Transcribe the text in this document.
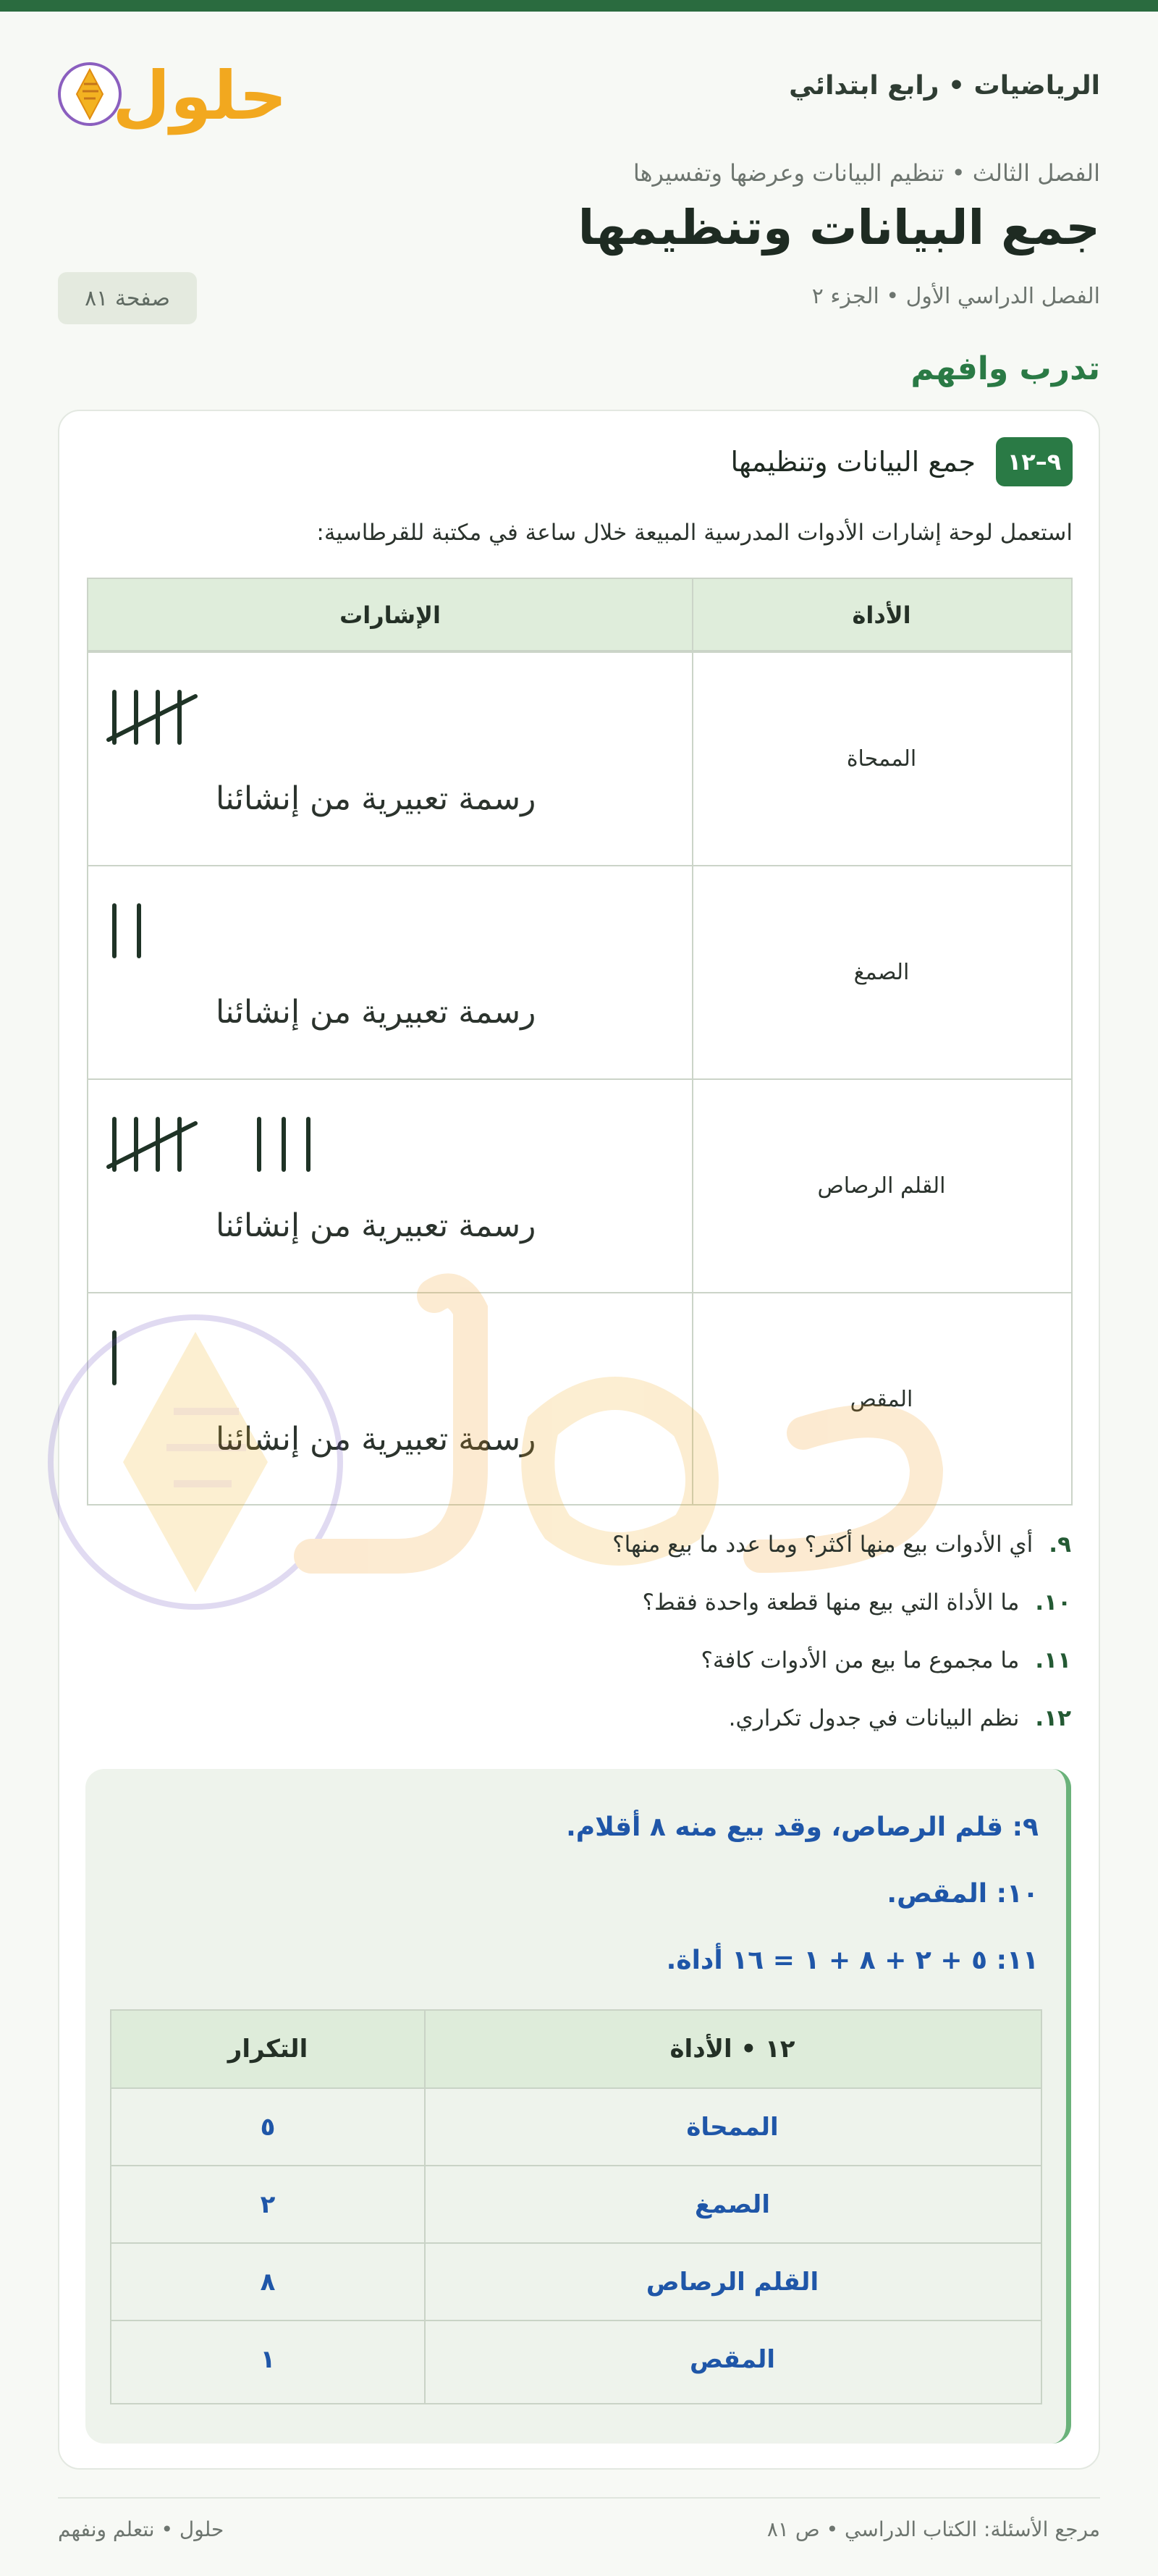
حلول	الرياضيات • رابع ابتدائي
الفصل الثالث • تنظيم البيانات وعرضها وتفسيرها
جمع البيانات وتنظيمها
الفصل الدراسي الأول • الجزء ٢
صفحة ٨١
تدرب وافهم
٩–١٢
جمع البيانات وتنظيمها
استعمل لوحة إشارات الأدوات المدرسية المبيعة خلال ساعة في مكتبة للقرطاسية:
الأداة
الإشارات
الممحاة
رسمة تعبيرية من إنشائنا
الصمغ
رسمة تعبيرية من إنشائنا
القلم الرصاص
رسمة تعبيرية من إنشائنا
المقص
رسمة تعبيرية من إنشائنا
٩.أي الأدوات بيع منها أكثر؟ وما عدد ما بيع منها؟
١٠.ما الأداة التي بيع منها قطعة واحدة فقط؟
١١.ما مجموع ما بيع من الأدوات كافة؟
١٢.نظم البيانات في جدول تكراري.
٩: قلم الرصاص، وقد بيع منه ٨ أقلام.
١٠: المقص.
١١: ٥ + ٢ + ٨ + ١ = ١٦ أداة.
١٢ • الأداة
التكرار
الممحاة
٥
الصمغ
٢
القلم الرصاص
٨
المقص
١
مرجع الأسئلة: الكتاب الدراسي • ص ٨١
حلول • نتعلم ونفهم
